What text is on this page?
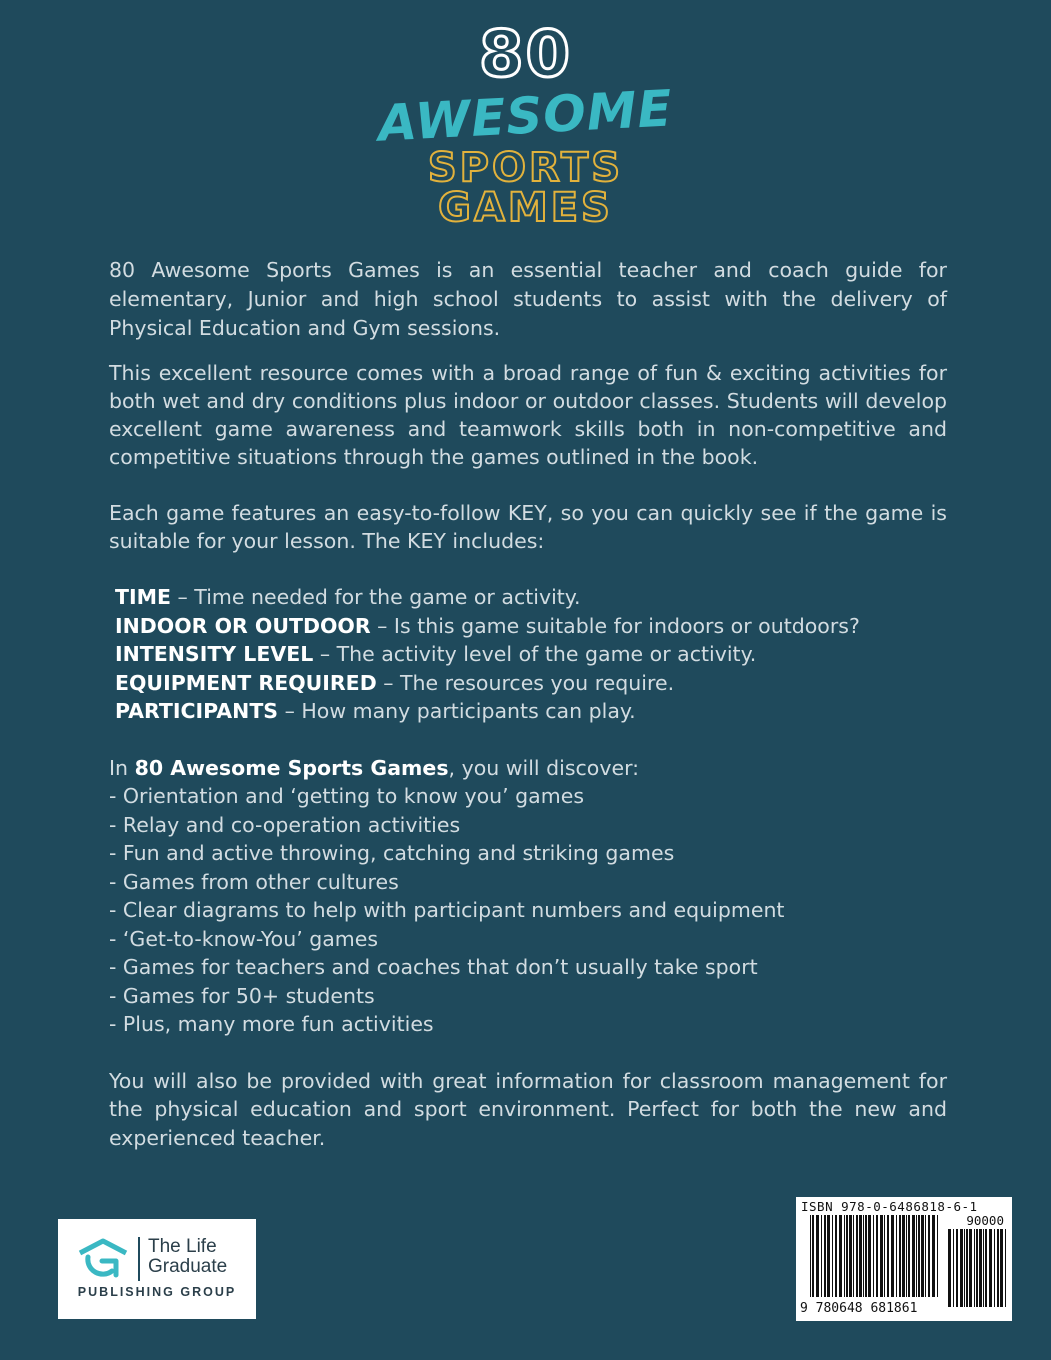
80
AWESOME
SPORTS
GAMES

80 Awesome Sports Games is an essential teacher and coach guide for elementary, Junior and high school students to assist with the delivery of Physical Education and Gym sessions.

This excellent resource comes with a broad range of fun & exciting activities for both wet and dry conditions plus indoor or outdoor classes. Students will develop excellent game awareness and teamwork skills both in non-competitive and competitive situations through the games outlined in the book.

Each game features an easy-to-follow KEY, so you can quickly see if the game is suitable for your lesson. The KEY includes:

TIME – Time needed for the game or activity.
INDOOR OR OUTDOOR – Is this game suitable for indoors or outdoors?
INTENSITY LEVEL – The activity level of the game or activity.
EQUIPMENT REQUIRED – The resources you require.
PARTICIPANTS – How many participants can play.
In 80 Awesome Sports Games, you will discover:
- Orientation and ‘getting to know you’ games
- Relay and co-operation activities
- Fun and active throwing, catching and striking games
- Games from other cultures
- Clear diagrams to help with participant numbers and equipment
- ‘Get-to-know-You’ games
- Games for teachers and coaches that don’t usually take sport
- Games for 50+ students
- Plus, many more fun activities

You will also be provided with great information for classroom management for the physical education and sport environment. Perfect for both the new and experienced teacher.

The Life
Graduate
PUBLISHING GROUP
ISBN 978-0-6486818-6-1
90000
9 780648 681861
